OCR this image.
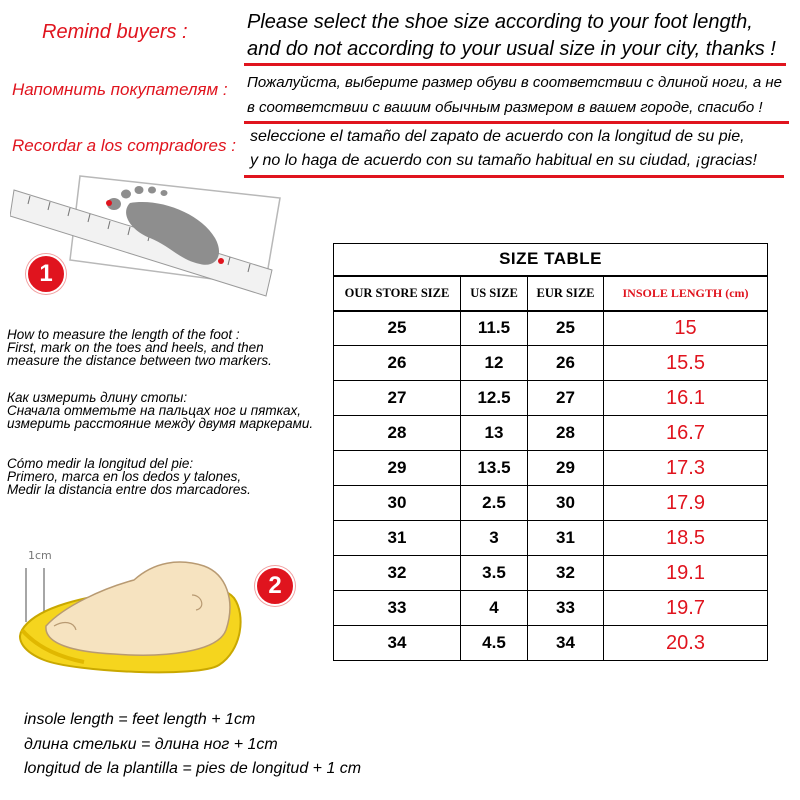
Remind buyers :	Please select the shoe size according to your foot length,
and do not according to your usual size in your city, thanks !
Напомнить покупателям : Пожалуйста, выберите размер обуви в соответствии с длиной ноги, а не
в соответствии с вашим обычным размером в вашем городе, спасибо !
Recordar a los compradores : seleccione el tamaño del zapato de acuerdo con la longitud de su pie,
y no lo haga de acuerdo con su tamaño habitual en su ciudad, ¡gracias!
1
How to measure the length of the foot :
First, mark on the toes and heels, and then
measure the distance between two markers.
Как измерить длину стопы:
Сначала отметьте на пальцах ног и пятках,
измерить расстояние между двумя маркерами.
Cómo medir la longitud del pie:
Primero, marca en los dedos y talones,
Medir la distancia entre dos marcadores.
1cm
2
insole length = feet length + 1cm
длина стельки = длина ног + 1cm
longitud de la plantilla = pies de longitud + 1 cm
SIZE TABLE			
OUR STORE SIZE	US SIZE	EUR SIZE	INSOLE LENGTH (cm)
25	11.5	25	15
26	12	26	15.5
27	12.5	27	16.1
28	13	28	16.7
29	13.5	29	17.3
30	2.5	30	17.9
31	3	31	18.5
32	3.5	32	19.1
33	4	33	19.7
34	4.5	34	20.3
